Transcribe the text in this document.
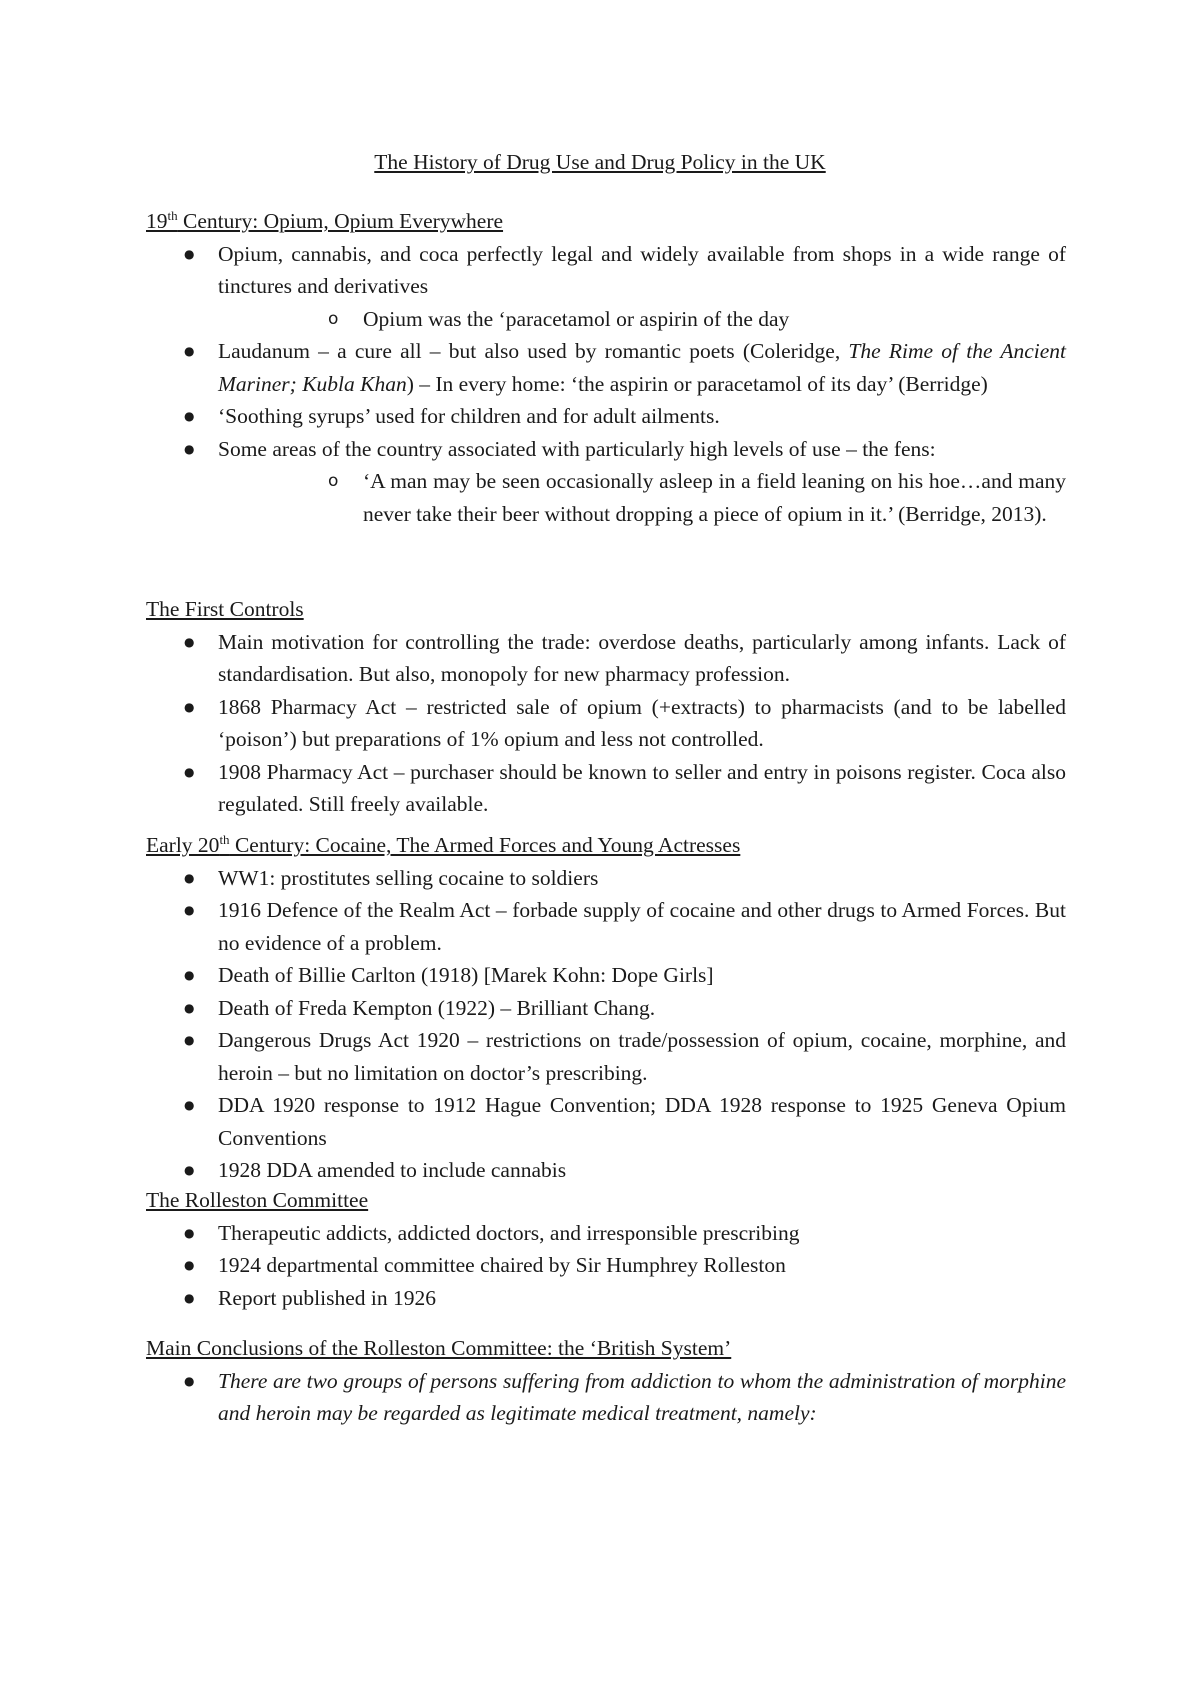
The History of Drug Use and Drug Policy in the UK
19th Century: Opium, Opium Everywhere
● Opium, cannabis, and coca perfectly legal and widely available from shops in a wide range of tinctures and derivatives
o Opium was the ‘paracetamol or aspirin of the day
● Laudanum – a cure all – but also used by romantic poets (Coleridge, The Rime of the Ancient Mariner; Kubla Khan) – In every home: ‘the aspirin or paracetamol of its day’ (Berridge)
● ‘Soothing syrups’ used for children and for adult ailments.
● Some areas of the country associated with particularly high levels of use – the fens:
o ‘A man may be seen occasionally asleep in a field leaning on his hoe…and many never take their beer without dropping a piece of opium in it.’ (Berridge, 2013).
The First Controls
● Main motivation for controlling the trade: overdose deaths, particularly among infants. Lack of standardisation. But also, monopoly for new pharmacy profession.
● 1868 Pharmacy Act – restricted sale of opium (+extracts) to pharmacists (and to be labelled ‘poison’) but preparations of 1% opium and less not controlled.
● 1908 Pharmacy Act – purchaser should be known to seller and entry in poisons register. Coca also regulated. Still freely available.
Early 20th Century: Cocaine, The Armed Forces and Young Actresses
● WW1: prostitutes selling cocaine to soldiers
● 1916 Defence of the Realm Act – forbade supply of cocaine and other drugs to Armed Forces. But no evidence of a problem.
● Death of Billie Carlton (1918) [Marek Kohn: Dope Girls]
● Death of Freda Kempton (1922) – Brilliant Chang.
● Dangerous Drugs Act 1920 – restrictions on trade/possession of opium, cocaine, morphine, and heroin – but no limitation on doctor’s prescribing.
● DDA 1920 response to 1912 Hague Convention; DDA 1928 response to 1925 Geneva Opium Conventions
● 1928 DDA amended to include cannabis
The Rolleston Committee
● Therapeutic addicts, addicted doctors, and irresponsible prescribing
● 1924 departmental committee chaired by Sir Humphrey Rolleston
● Report published in 1926
Main Conclusions of the Rolleston Committee: the ‘British System’
● There are two groups of persons suffering from addiction to whom the administration of morphine and heroin may be regarded as legitimate medical treatment, namely:
